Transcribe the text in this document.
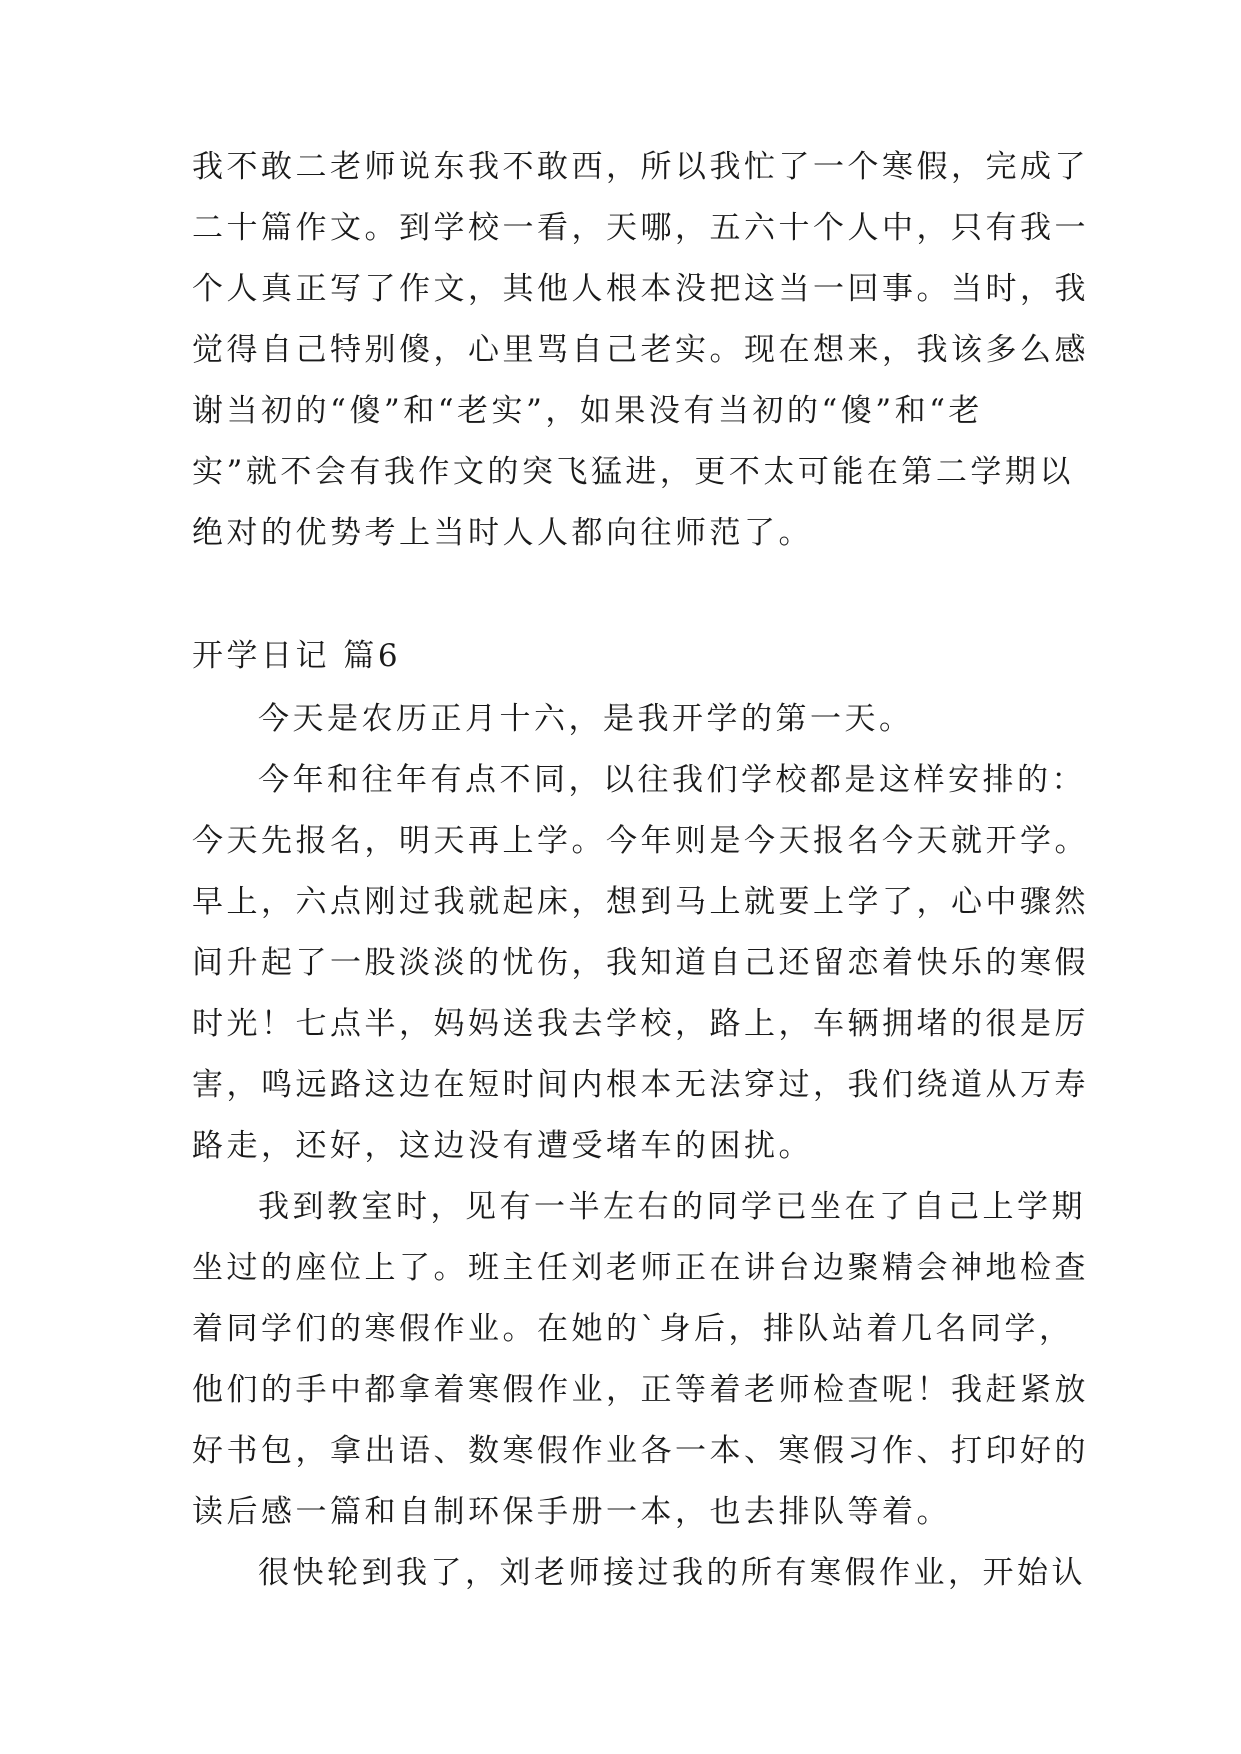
我不敢二老师说东我不敢西，所以我忙了一个寒假，完成了
二十篇作文。到学校一看，天哪，五六十个人中，只有我一
个人真正写了作文，其他人根本没把这当一回事。当时，我
觉得自己特别傻，心里骂自己老实。现在想来，我该多么感
谢当初的“傻”和“老实”，如果没有当初的“傻”和“老
实”就不会有我作文的突飞猛进，更不太可能在第二学期以
绝对的优势考上当时人人都向往师范了。
开学日记 篇6
今天是农历正月十六，是我开学的第一天。
今年和往年有点不同，以往我们学校都是这样安排的：
今天先报名，明天再上学。今年则是今天报名今天就开学。
早上，六点刚过我就起床，想到马上就要上学了，心中骤然
间升起了一股淡淡的忧伤，我知道自己还留恋着快乐的寒假
时光！七点半，妈妈送我去学校，路上，车辆拥堵的很是厉
害，鸣远路这边在短时间内根本无法穿过，我们绕道从万寿
路走，还好，这边没有遭受堵车的困扰。
我到教室时，见有一半左右的同学已坐在了自己上学期
坐过的座位上了。班主任刘老师正在讲台边聚精会神地检查
着同学们的寒假作业。在她的`身后，排队站着几名同学，
他们的手中都拿着寒假作业，正等着老师检查呢！我赶紧放
好书包，拿出语、数寒假作业各一本、寒假习作、打印好的
读后感一篇和自制环保手册一本，也去排队等着。
很快轮到我了，刘老师接过我的所有寒假作业，开始认
